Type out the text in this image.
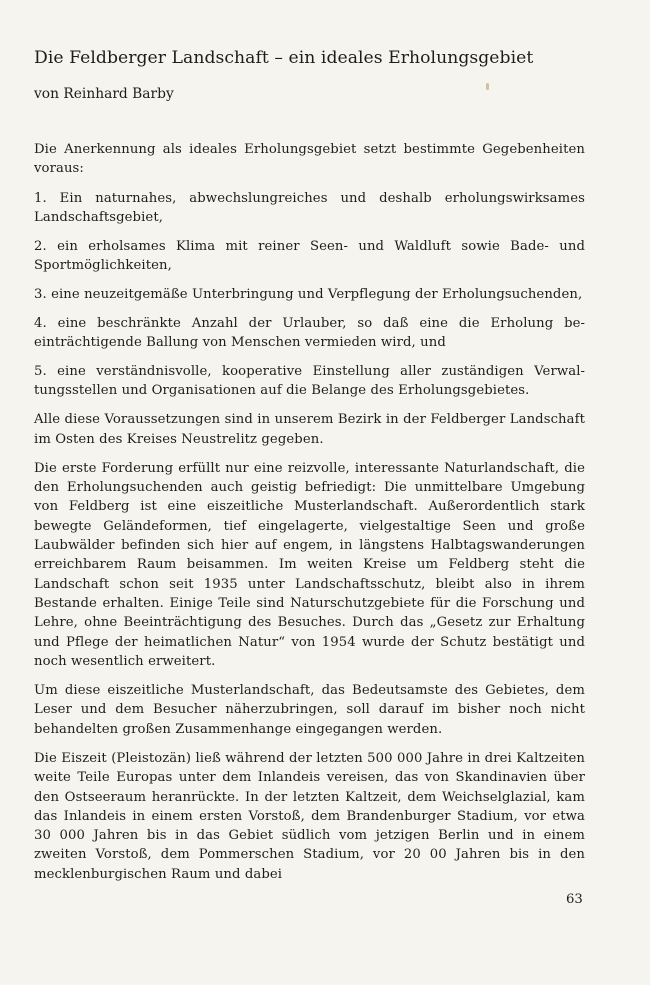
Die Feldberger Landschaft – ein ideales Erholungsgebiet
von Reinhard Barby

Die Anerkennung als ideales Erholungsgebiet setzt bestimmte Gegebenheiten voraus:

1. Ein naturnahes, abwechslungreiches und deshalb erholungswirksames Landschaftsgebiet,

2. ein erholsames Klima mit reiner Seen- und Waldluft sowie Bade- und Sportmöglichkeiten,

3. eine neuzeitgemäße Unterbringung und Verpflegung der Erholungsuchenden,

4. eine beschränkte Anzahl der Urlauber, so daß eine die Erholung beeinträchtigende Ballung von Menschen vermieden wird, und

5. eine verständnisvolle, kooperative Einstellung aller zuständigen Verwaltungsstellen und Organisationen auf die Belange des Erholungsgebietes.

Alle diese Voraussetzungen sind in unserem Bezirk in der Feldberger Landschaft im Osten des Kreises Neustrelitz gegeben.

Die erste Forderung erfüllt nur eine reizvolle, interessante Naturlandschaft, die den Erholungsuchenden auch geistig befriedigt: Die unmittelbare Umgebung von Feldberg ist eine eiszeitliche Musterlandschaft. Außerordentlich stark bewegte Geländeformen, tief eingelagerte, vielgestaltige Seen und große Laubwälder befinden sich hier auf engem, in längstens Halbtagswanderungen erreichbarem Raum beisammen. Im weiten Kreise um Feldberg steht die Landschaft schon seit 1935 unter Landschaftsschutz, bleibt also in ihrem Bestande erhalten. Einige Teile sind Naturschutzgebiete für die Forschung und Lehre, ohne Beeinträchtigung des Besuches. Durch das „Gesetz zur Erhaltung und Pflege der heimatlichen Natur“ von 1954 wurde der Schutz bestätigt und noch wesentlich erweitert.

Um diese eiszeitliche Musterlandschaft, das Bedeutsamste des Gebietes, dem Leser und dem Besucher näherzubringen, soll darauf im bisher noch nicht behandelten großen Zusammenhange eingegangen werden.

Die Eiszeit (Pleistozän) ließ während der letzten 500 000 Jahre in drei Kaltzeiten weite Teile Europas unter dem Inlandeis vereisen, das von Skandinavien über den Ostseeraum heranrückte. In der letzten Kaltzeit, dem Weichselglazial, kam das Inlandeis in einem ersten Vorstoß, dem Brandenburger Stadium, vor etwa 30 000 Jahren bis in das Gebiet südlich vom jetzigen Berlin und in einem zweiten Vorstoß, dem Pommerschen Stadium, vor 20 00 Jahren bis in den mecklenburgischen Raum und dabei

63
